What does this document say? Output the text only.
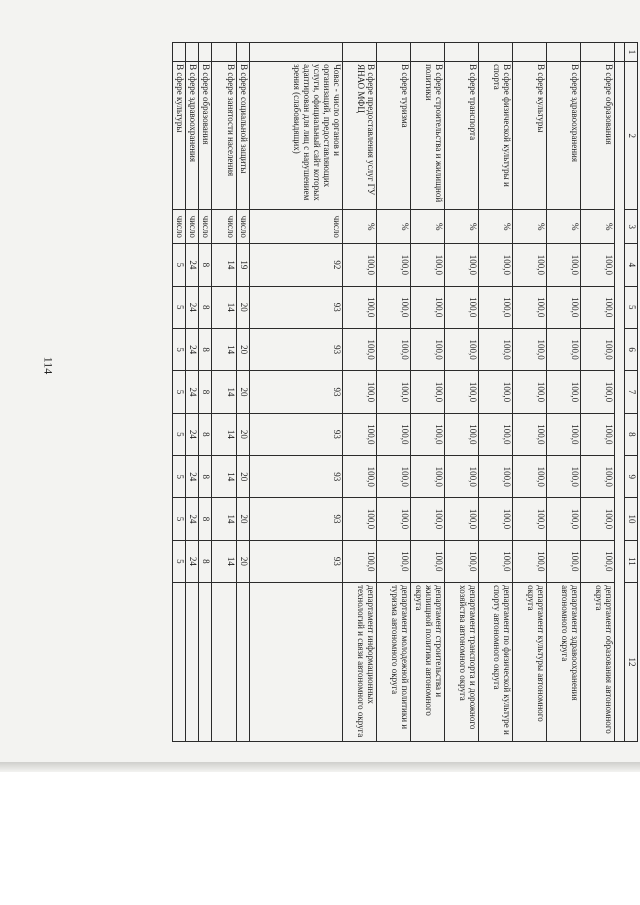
114
1	2	3	4	5	6	7	8	9	10	11	12

	В сфере образования	%	100,0	100,0	100,0	100,0	100,0	100,0	100,0	100,0	департамент образования автономного округа
	В сфере здравоохранения	%	100,0	100,0	100,0	100,0	100,0	100,0	100,0	100,0	департамент здравоохранения автономного округа
	В сфере культуры	%	100,0	100,0	100,0	100,0	100,0	100,0	100,0	100,0	департамент культуры автономного округа
	В сфере физической культуры и спорта	%	100,0	100,0	100,0	100,0	100,0	100,0	100,0	100,0	департамент по физической культуре и спорту автономного округа
	В сфере транспорта	%	100,0	100,0	100,0	100,0	100,0	100,0	100,0	100,0	департамент транспорта и дорожного хозяйства автономного округа
	В сфере строительства и жилищной политики	%	100,0	100,0	100,0	100,0	100,0	100,0	100,0	100,0	департамент строительства и жилищной политики автономного округа
	В сфере туризма	%	100,0	100,0	100,0	100,0	100,0	100,0	100,0	100,0	департамент молодежной политики и туризма автономного округа
	В сфере предоставления услуг ГУ ЯНАО МФЦ	%	100,0	100,0	100,0	100,0	100,0	100,0	100,0	100,0	департамент информационных технологий и связи автономного округа
	Човаc - число органов и организаций, предоставляющих услуги, официальный сайт которых адаптирован для лиц с нарушением зрения (слабовидящих)	число	92	93	93	93	93	93	93	93	
	В сфере социальной защиты	число	19	20	20	20	20	20	20	20	
	В сфере занятости населения	число	14	14	14	14	14	14	14	14	
	В сфере образования	число	8	8	8	8	8	8	8	8	
	В сфере здравоохранения	число	24	24	24	24	24	24	24	24	
	В сфере культуры	число	5	5	5	5	5	5	5	5	
